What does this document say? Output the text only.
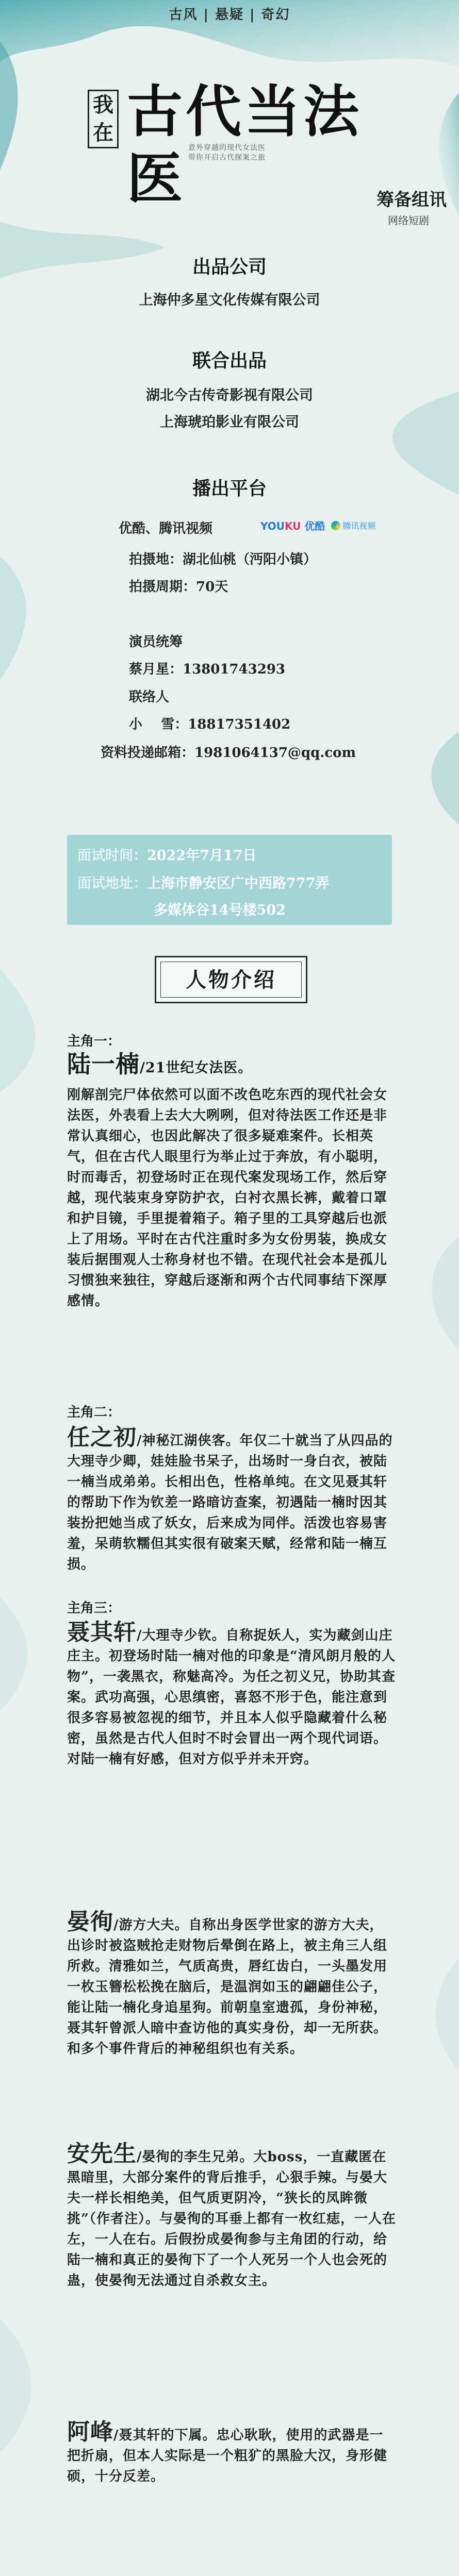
古风 | 悬疑 | 奇幻
我
在 古代当法医 意外穿越的现代女法医
带你开启古代探案之旅
筹备组讯
网络短剧
出品公司
上海仲多星文化传媒有限公司
联合出品
湖北今古传奇影视有限公司
上海琥珀影业有限公司
播出平台
优酷、腾讯视频	YOUKU 优酷 腾讯视频
拍摄地：湖北仙桃（沔阳小镇）
拍摄周期：70天
演员统筹
蔡月星：13801743293
联络人
小    雪：18817351402
资料投递邮箱：1981064137@qq.com
面试时间：2022年7月17日
面试地址：上海市静安区广中西路777弄
多媒体谷14号楼502
人物介绍
主角一：
陆一楠/21世纪女法医。
刚解剖完尸体依然可以面不改色吃东西的现代社会女法医，外表看上去大大咧咧，但对待法医工作还是非常认真细心，也因此解决了很多疑难案件。长相英气，但在古代人眼里行为举止过于奔放，有小聪明，时而毒舌，初登场时正在现代案发现场工作，然后穿越，现代装束身穿防护衣，白衬衣黑长裤，戴着口罩和护目镜，手里提着箱子。箱子里的工具穿越后也派上了用场。平时在古代注重时多为女份男装，换成女装后据围观人士称身材也不错。在现代社会本是孤儿习惯独来独往，穿越后逐渐和两个古代同事结下深厚感情。
主角二：
任之初/神秘江湖侠客。年仅二十就当了从四品的大理寺少卿，娃娃脸书呆子，出场时一身白衣，被陆一楠当成弟弟。长相出色，性格单纯。在文见聂其轩的帮助下作为钦差一路暗访查案，初遇陆一楠时因其装扮把她当成了妖女，后来成为同伴。活泼也容易害羞，呆萌软糯但其实很有破案天赋，经常和陆一楠互损。
主角三：
聂其轩/大理寺少钦。自称捉妖人，实为藏剑山庄庄主。初登场时陆一楠对他的印象是“清风朗月般的人物”，一袭黑衣，称魅高冷。为任之初义兄，协助其查案。武功高强，心思缜密，喜怒不形于色，能注意到很多容易被忽视的细节，并且本人似乎隐藏着什么秘密，虽然是古代人但时不时会冒出一两个现代词语。对陆一楠有好感，但对方似乎并未开窍。
晏徇/游方大夫。自称出身医学世家的游方大夫，出诊时被盗贼抢走财物后晕倒在路上，被主角三人组所救。清雅如兰，气质高贵，唇红齿白，一头墨发用一枚玉簪松松挽在脑后，是温润如玉的翩翩佳公子，能让陆一楠化身追星狗。前朝皇室遗孤，身份神秘，聂其轩曾派人暗中查访他的真实身份，却一无所获。和多个事件背后的神秘组织也有关系。
安先生/晏徇的李生兄弟。大boss，一直藏匿在黑暗里，大部分案件的背后推手，心狠手辣。与晏大夫一样长相绝美，但气质更阴冷，“狭长的凤眸微挑”（作者注）。与晏徇的耳垂上都有一枚红痣，一人在左，一人在右。后假扮成晏徇参与主角团的行动，给陆一楠和真正的晏徇下了一个人死另一个人也会死的蛊，使晏徇无法通过自杀救女主。
阿峰/聂其轩的下属。忠心耿耿，使用的武器是一把折扇，但本人实际是一个粗犷的黑脸大汉，身形健硕，十分反差。
